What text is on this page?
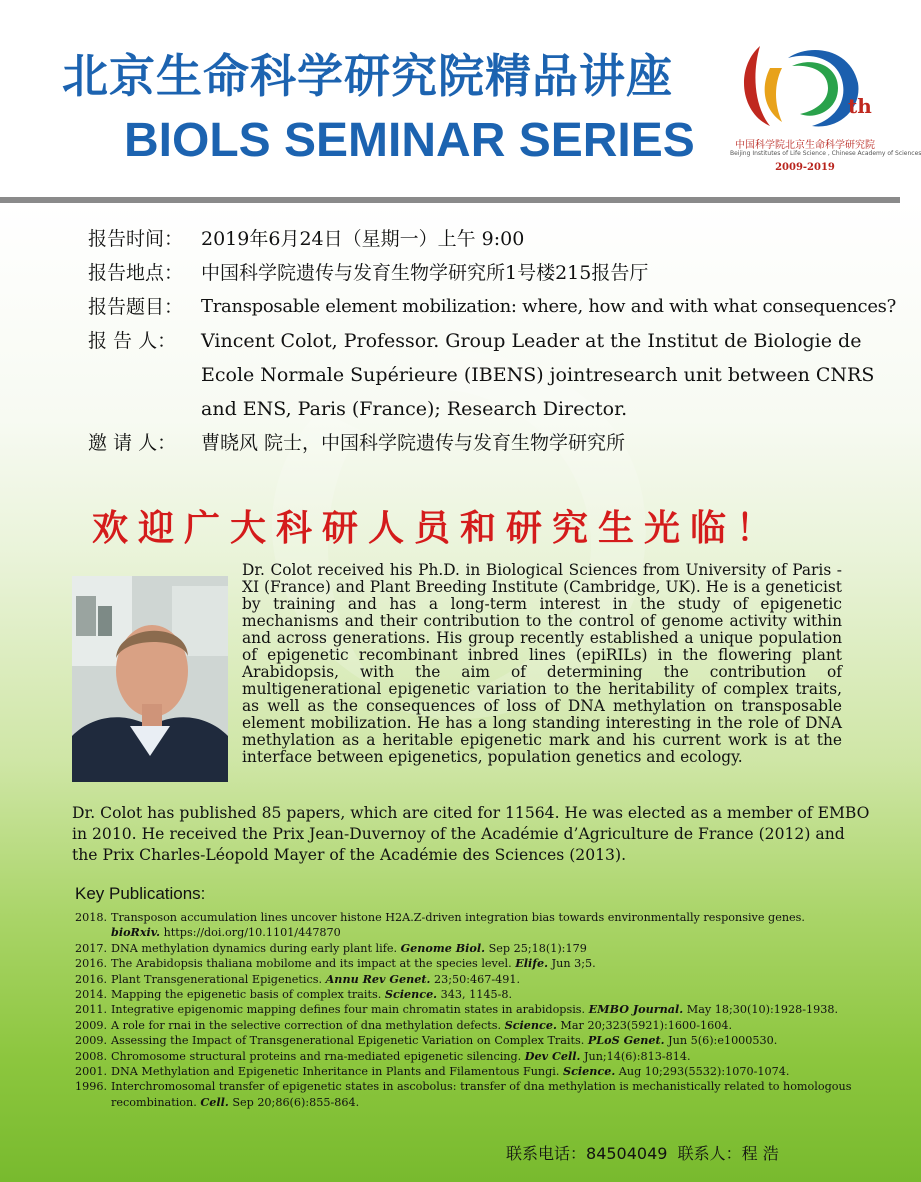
北京生命科学研究院精品讲座
BIOLS SEMINAR SERIES
th
中国科学院北京生命科学研究院
Beijing Institutes of Life Science , Chinese Academy of Sciences
2009-2019
报告时间： 2019年6月24日（星期一）上午 9:00
报告地点： 中国科学院遗传与发育生物学研究所1号楼215报告厅
报告题目： Transposable element mobilization: where, how and with what consequences?
报 告 人：	Vincent Colot, Professor. Group Leader at the Institut de Biologie de
Ecole Normale Supérieure (IBENS) jointresearch unit between CNRS
and ENS, Paris (France); Research Director.
邀 请 人：	曹晓风 院士，中国科学院遗传与发育生物学研究所
欢迎广大科研人员和研究生光临！
Dr. Colot received his Ph.D. in Biological Sciences from University of Paris -XI (France) and Plant Breeding Institute (Cambridge, UK). He is a geneticist by training and has a long-term interest in the study of epigenetic mechanisms and their contribution to the control of genome activity within and across generations. His group recently established a unique population of epigenetic recombinant inbred lines (epiRILs) in the flowering plant Arabidopsis, with the aim of determining the contribution of multigenerational epigenetic variation to the heritability of complex traits, as well as the consequences of loss of DNA methylation on transposable element mobilization. He has a long standing interesting in the role of DNA methylation as a heritable epigenetic mark and his current work is at the interface between epigenetics, population genetics and ecology.
Dr. Colot has published 85 papers, which are cited for 11564. He was elected as a member of EMBO in 2010. He received the Prix Jean-Duvernoy of the Académie d’Agriculture de France (2012) and the Prix Charles-Léopold Mayer of the Académie des Sciences (2013).
Key Publications:
2018. Transposon accumulation lines uncover histone H2A.Z-driven integration bias towards environmentally responsive genes. bioRxiv. https://doi.org/10.1101/447870
2017. DNA methylation dynamics during early plant life. Genome Biol. Sep 25;18(1):179
2016. The Arabidopsis thaliana mobilome and its impact at the species level. Elife. Jun 3;5.
2016. Plant Transgenerational Epigenetics. Annu Rev Genet. 23;50:467-491.
2014. Mapping the epigenetic basis of complex traits. Science. 343, 1145-8.
2011. Integrative epigenomic mapping defines four main chromatin states in arabidopsis. EMBO Journal. May 18;30(10):1928-1938.
2009. A role for rnai in the selective correction of dna methylation defects. Science. Mar 20;323(5921):1600-1604.
2009. Assessing the Impact of Transgenerational Epigenetic Variation on Complex Traits. PLoS Genet. Jun 5(6):e1000530.
2008. Chromosome structural proteins and rna-mediated epigenetic silencing. Dev Cell. Jun;14(6):813-814.
2001. DNA Methylation and Epigenetic Inheritance in Plants and Filamentous Fungi. Science. Aug 10;293(5532):1070-1074.
1996. Interchromosomal transfer of epigenetic states in ascobolus: transfer of dna methylation is mechanistically related to homologous recombination. Cell. Sep 20;86(6):855-864.
联系电话：84504049 联系人：程 浩
